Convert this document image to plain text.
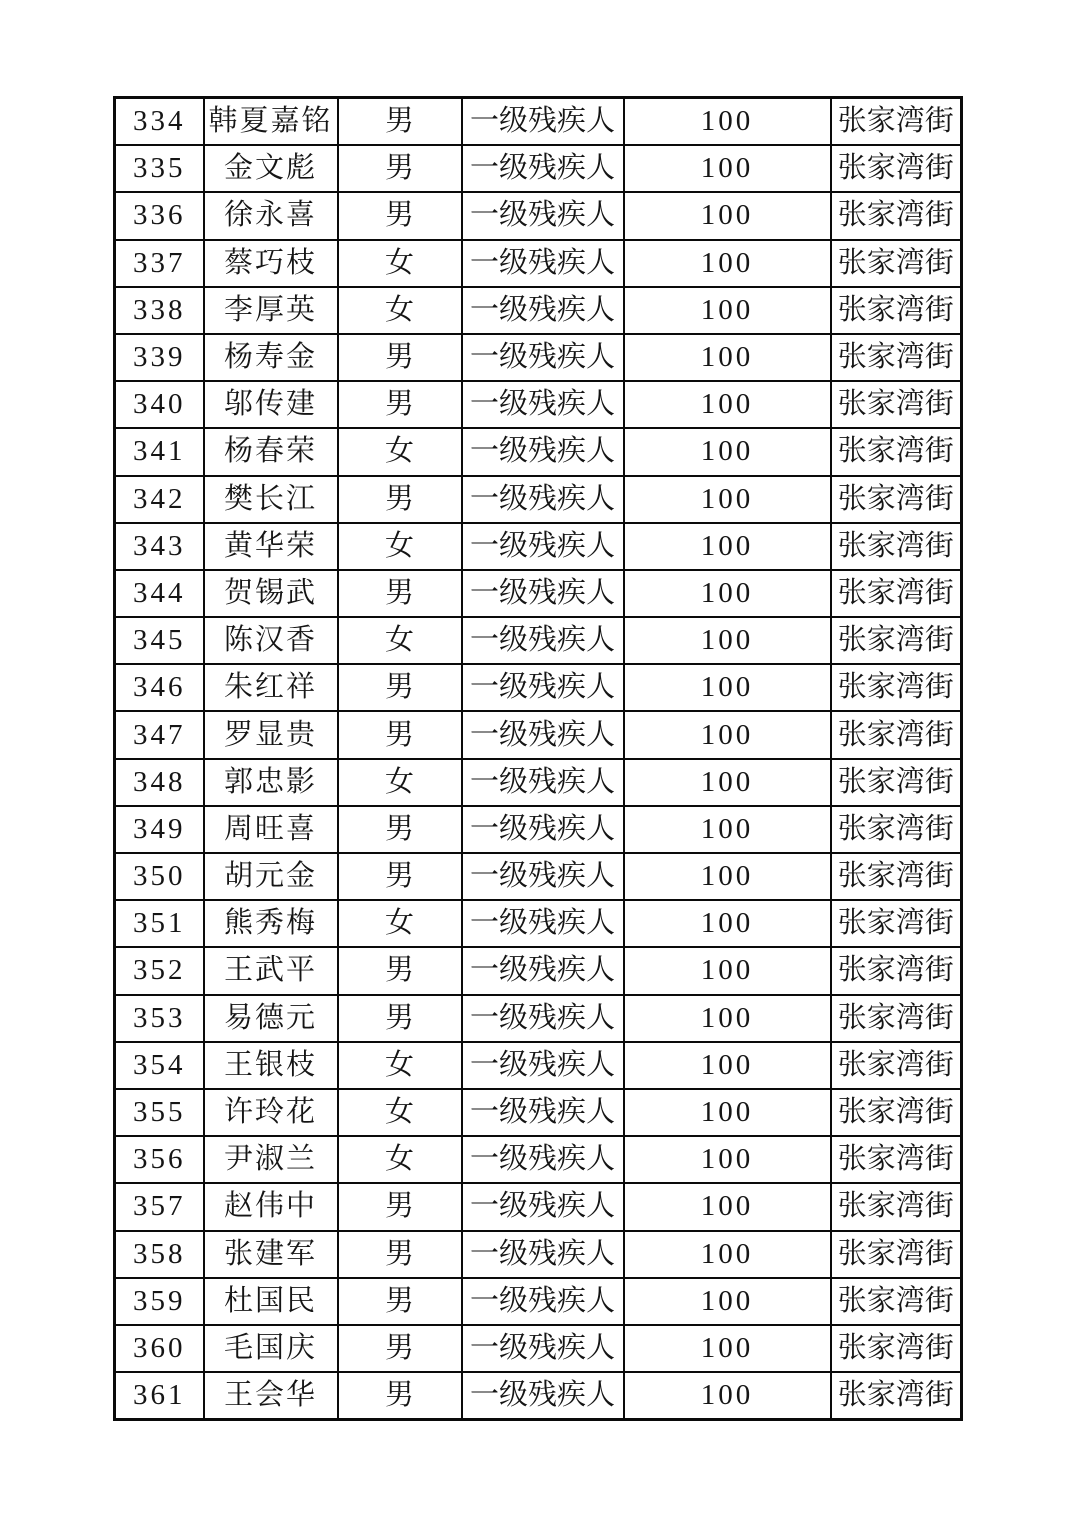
334	韩夏嘉铭	男	一级残疾人	100	张家湾街
335	金文彪	男	一级残疾人	100	张家湾街
336	徐永喜	男	一级残疾人	100	张家湾街
337	蔡巧枝	女	一级残疾人	100	张家湾街
338	李厚英	女	一级残疾人	100	张家湾街
339	杨寿金	男	一级残疾人	100	张家湾街
340	邬传建	男	一级残疾人	100	张家湾街
341	杨春荣	女	一级残疾人	100	张家湾街
342	樊长江	男	一级残疾人	100	张家湾街
343	黄华荣	女	一级残疾人	100	张家湾街
344	贺锡武	男	一级残疾人	100	张家湾街
345	陈汉香	女	一级残疾人	100	张家湾街
346	朱红祥	男	一级残疾人	100	张家湾街
347	罗显贵	男	一级残疾人	100	张家湾街
348	郭忠影	女	一级残疾人	100	张家湾街
349	周旺喜	男	一级残疾人	100	张家湾街
350	胡元金	男	一级残疾人	100	张家湾街
351	熊秀梅	女	一级残疾人	100	张家湾街
352	王武平	男	一级残疾人	100	张家湾街
353	易德元	男	一级残疾人	100	张家湾街
354	王银枝	女	一级残疾人	100	张家湾街
355	许玲花	女	一级残疾人	100	张家湾街
356	尹淑兰	女	一级残疾人	100	张家湾街
357	赵伟中	男	一级残疾人	100	张家湾街
358	张建军	男	一级残疾人	100	张家湾街
359	杜国民	男	一级残疾人	100	张家湾街
360	毛国庆	男	一级残疾人	100	张家湾街
361	王会华	男	一级残疾人	100	张家湾街
